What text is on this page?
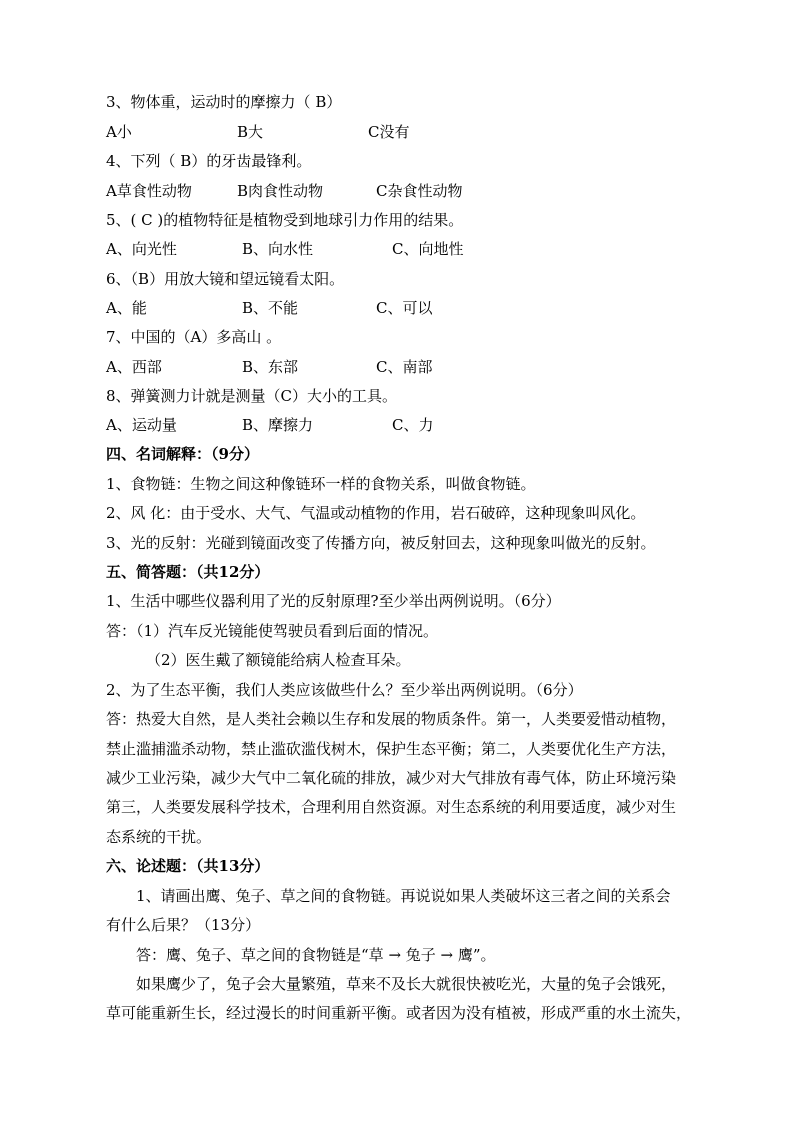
3、物体重，运动时的摩擦力（ B）

A小	B大	C没有

4、下列（ B）的牙齿最锋利。

A草食性动物	B肉食性动物	C杂食性动物

5、( C )的植物特征是植物受到地球引力作用的结果。

A、向光性	B、向水性	C、向地性

6、（B）用放大镜和望远镜看太阳。

A、能	B、不能	C、可以

7、中国的（A）多高山 。

A、西部	B、东部	C、南部

8、弹簧测力计就是测量（C）大小的工具。

A、运动量	B、摩擦力	C、力

四、名词解释：（9分）

1、食物链：生物之间这种像链环一样的食物关系，叫做食物链。

2、风 化：由于受水、大气、气温或动植物的作用，岩石破碎，这种现象叫风化。

3、光的反射：光碰到镜面改变了传播方向，被反射回去，这种现象叫做光的反射。

五、简答题：（共12分）

1、生活中哪些仪器利用了光的反射原理?至少举出两例说明。（6分）

答：（1）汽车反光镜能使驾驶员看到后面的情况。

（2）医生戴了额镜能给病人检查耳朵。

2、为了生态平衡，我们人类应该做些什么？至少举出两例说明。（6分）

答：热爱大自然，是人类社会赖以生存和发展的物质条件。第一，人类要爱惜动植物，

禁止滥捕滥杀动物，禁止滥砍滥伐树木，保护生态平衡；第二，人类要优化生产方法，

减少工业污染，减少大气中二氧化硫的排放，减少对大气排放有毒气体，防止环境污染

第三，人类要发展科学技术，合理利用自然资源。对生态系统的利用要适度，减少对生

态系统的干扰。

六、论述题：（共13分）

1、请画出鹰、兔子、草之间的食物链。再说说如果人类破坏这三者之间的关系会

有什么后果？（13分）

答：鹰、兔子、草之间的食物链是“草 → 兔子 → 鹰”。

如果鹰少了，兔子会大量繁殖，草来不及长大就很快被吃光，大量的兔子会饿死，

草可能重新生长，经过漫长的时间重新平衡。或者因为没有植被，形成严重的水土流失，
